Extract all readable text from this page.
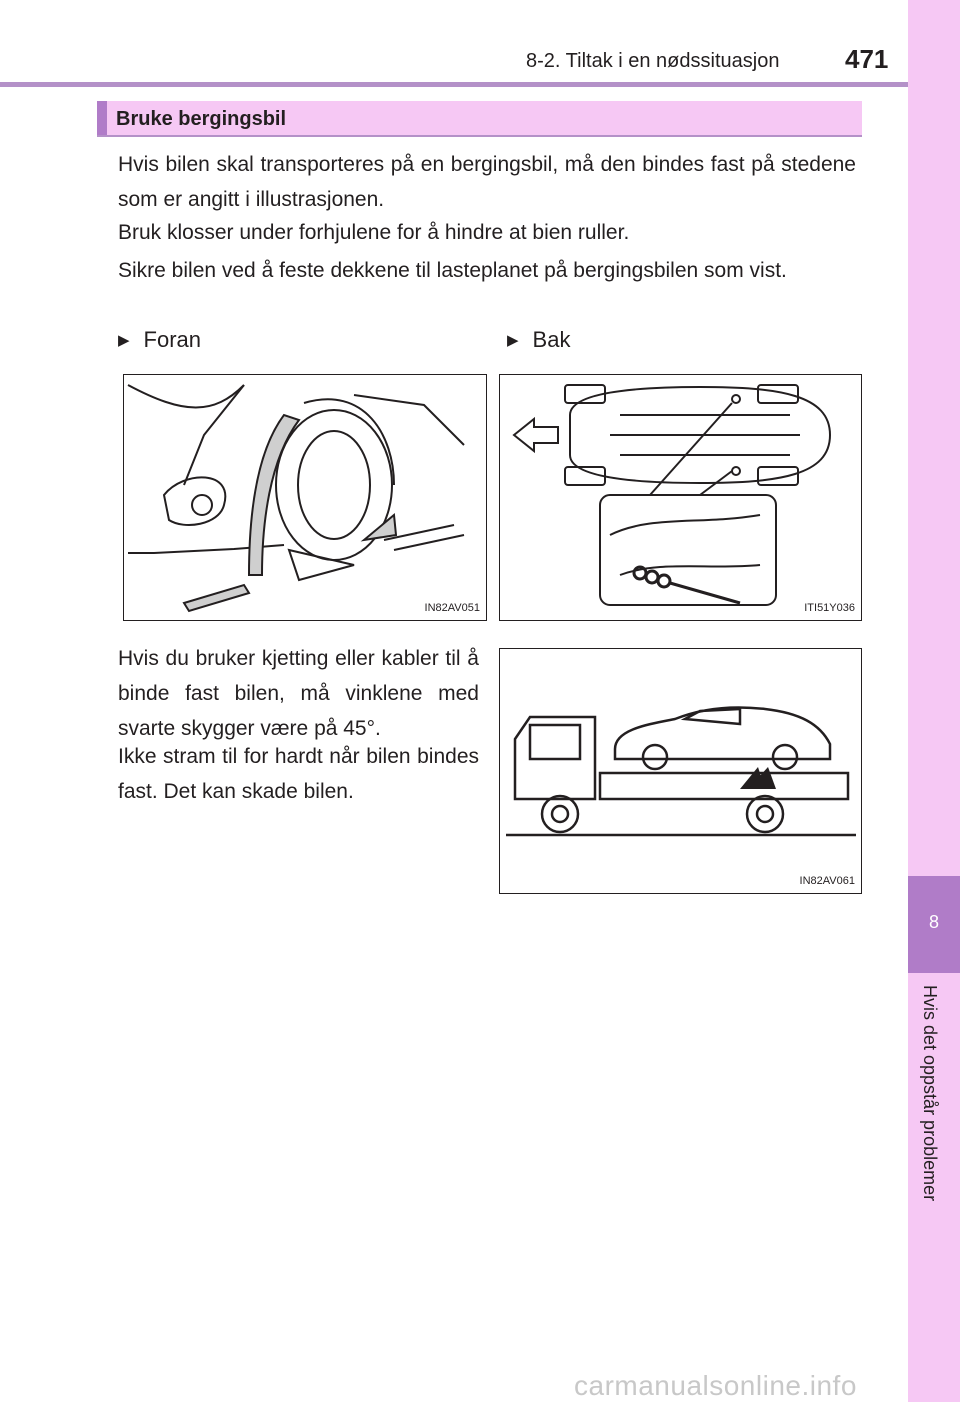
8-2. Tiltak i en nødssituasjon	471
8
Hvis det oppstår problemer
Bruke bergingsbil

Hvis bilen skal transporteres på en bergingsbil, må den bindes fast på stedene som er angitt i illustrasjonen.

Bruk klosser under forhjulene for å hindre at bien ruller.

Sikre bilen ved å feste dekkene til lasteplanet på bergingsbilen som vist.

▶ Foran	▶ Bak
IN82AV051	ITI51Y036

Hvis du bruker kjetting eller kabler til å binde fast bilen, må vinklene med svarte skygger være på 45°.

Ikke stram til for hardt når bilen bindes fast. Det kan skade bilen.

IN82AV061
carmanualsonline.info
